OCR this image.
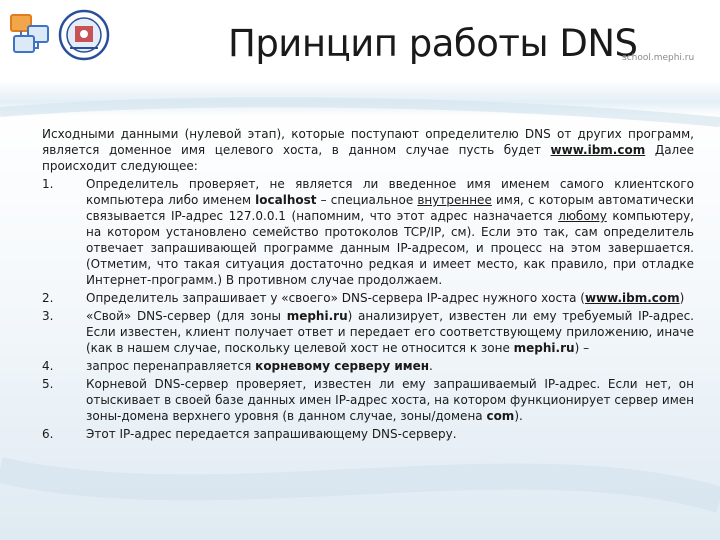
Принцип работы DNS
school.mephi.ru

Исходными данными (нулевой этап), которые поступают определителю DNS от других программ, является доменное имя целевого хоста, в данном случае пусть будет www.ibm.com Далее происходит следующее:

1.	Определитель проверяет, не является ли введенное имя именем самого клиентского компьютера либо именем localhost – специальное внутреннее имя, с которым автоматически связывается IP-адрес 127.0.0.1 (напомним, что этот адрес назначается любому компьютеру, на котором установлено семейство протоколов TCP/IP, см). Если это так, сам определитель отвечает запрашивающей программе данным IP-адресом, и процесс на этом завершается. (Отметим, что такая ситуация достаточно редкая и имеет место, как правило, при отладке Интернет-программ.) В противном случае продолжаем.
2.	Определитель запрашивает у «своего» DNS-сервера IP-адрес нужного хоста (www.ibm.com)
3.	«Свой» DNS-сервер (для зоны mephi.ru) анализирует, известен ли ему требуемый IP-адрес. Если известен, клиент получает ответ и передает его соответствующему приложению, иначе (как в нашем случае, поскольку целевой хост не относится к зоне mephi.ru) –
4.	запрос перенаправляется корневому серверу имен.
5.	Корневой DNS-сервер проверяет, известен ли ему запрашиваемый IP-адрес. Если нет, он отыскивает в своей базе данных имен IP-адрес хоста, на котором функционирует сервер имен зоны-домена верхнего уровня (в данном случае, зоны/домена com).
6.	Этот IP-адрес передается запрашивающему DNS-серверу.
